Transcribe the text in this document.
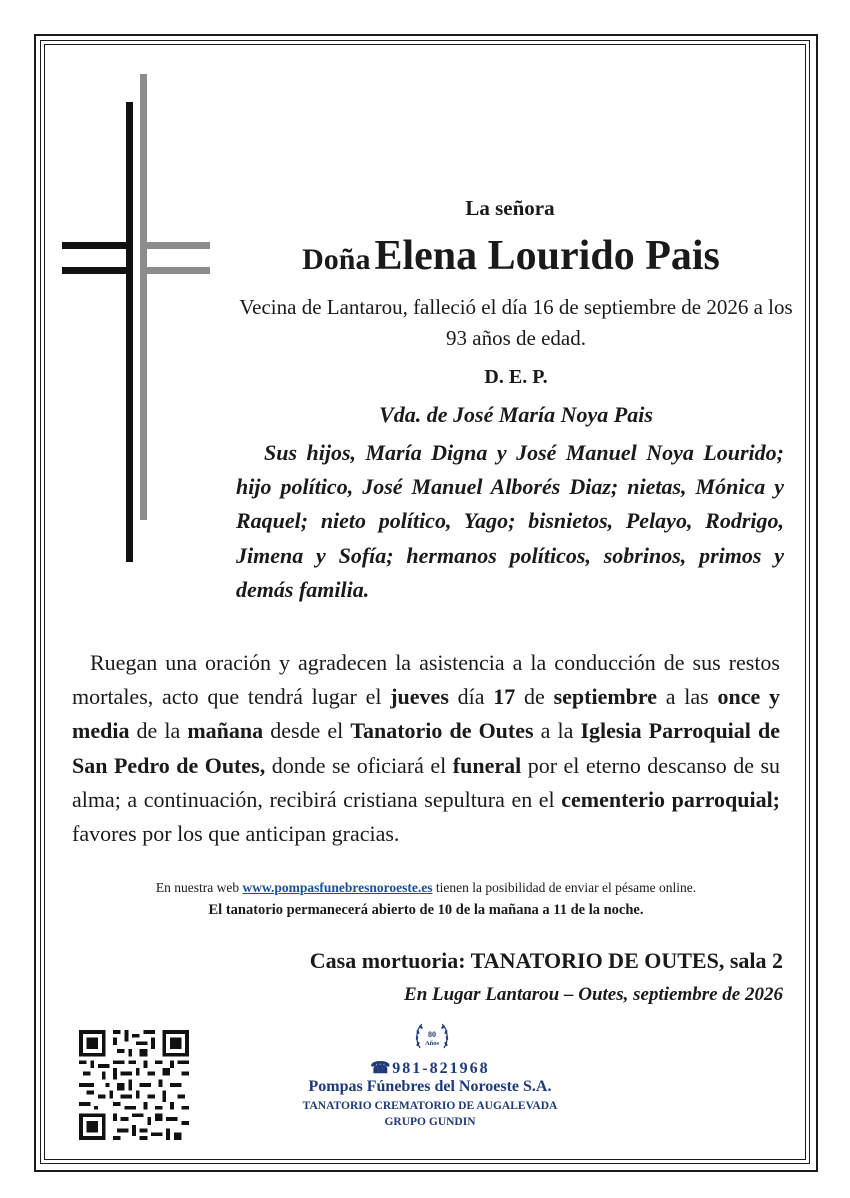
La señora
Doña Elena Lourido Pais
Vecina de Lantarou, falleció el día 16 de septiembre de 2026 a los 93 años de edad.
D. E. P.
Vda. de José María Noya Pais
Sus hijos, María Digna y José Manuel Noya Lourido; hijo político, José Manuel Alborés Diaz; nietas, Mónica y Raquel; nieto político, Yago; bisnietos, Pelayo, Rodrigo, Jimena y Sofía; hermanos políticos, sobrinos, primos y demás familia.
Ruegan una oración y agradecen la asistencia a la conducción de sus restos mortales, acto que tendrá lugar el jueves día 17 de septiembre a las once y media de la mañana desde el Tanatorio de Outes a la Iglesia Parroquial de San Pedro de Outes, donde se oficiará el funeral por el eterno descanso de su alma; a continuación, recibirá cristiana sepultura en el cementerio parroquial; favores por los que anticipan gracias.
En nuestra web www.pompasfunebresnoroeste.es tienen la posibilidad de enviar el pésame online.
El tanatorio permanecerá abierto de 10 de la mañana a 11 de la noche.
Casa mortuoria: TANATORIO DE OUTES, sala 2
En Lugar Lantarou – Outes, septiembre de 2026
80
Años
☎981-821968
Pompas Fúnebres del Noroeste S.A.
TANATORIO CREMATORIO DE AUGALEVADA
GRUPO GUNDIN
